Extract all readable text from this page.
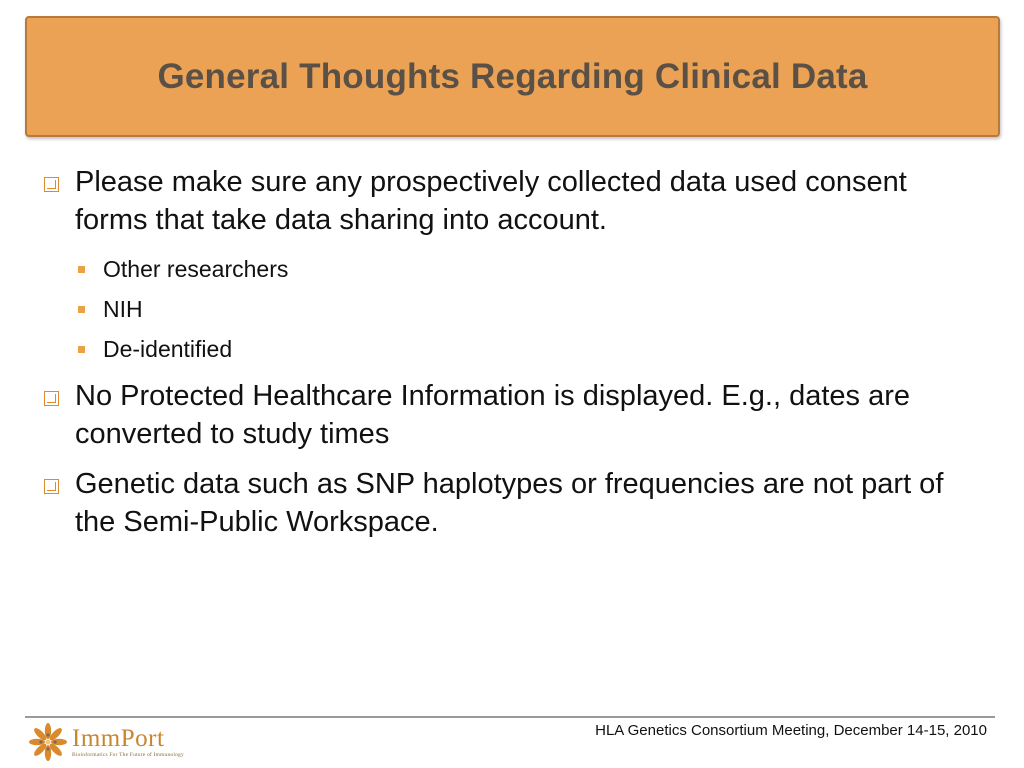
General Thoughts Regarding Clinical Data
Please make sure any prospectively collected data used consent forms that take data sharing into account.
Other researchers
NIH
De-identified
No Protected Healthcare Information is displayed. E.g., dates are converted to study times
Genetic data such as SNP haplotypes or frequencies are not part of the Semi-Public Workspace.
ImmPort
Bioinformatics For The Future of Immunology
HLA Genetics Consortium Meeting, December 14-15, 2010
